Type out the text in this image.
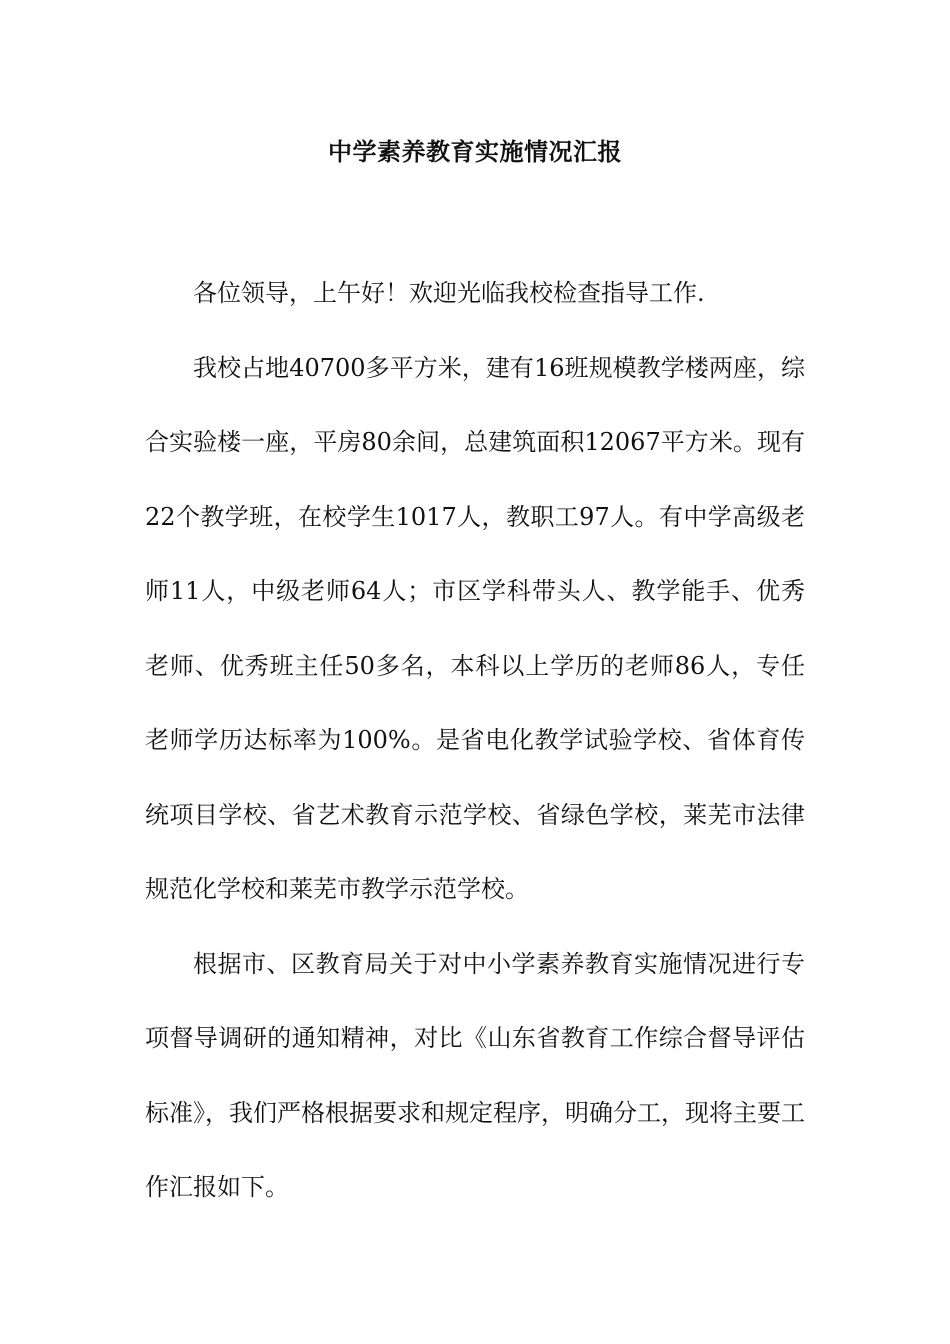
中学素养教育实施情况汇报

各位领导，上午好！欢迎光临我校检查指导工作.

我校占地40700多平方米，建有16班规模教学楼两座，综合实验楼一座，平房80余间，总建筑面积12067平方米。现有22个教学班，在校学生1017人，教职工97人。有中学高级老师11人，中级老师64人；市区学科带头人、教学能手、优秀老师、优秀班主任50多名，本科以上学历的老师86人，专任老师学历达标率为100%。是省电化教学试验学校、省体育传统项目学校、省艺术教育示范学校、省绿色学校，莱芜市法律规范化学校和莱芜市教学示范学校。

根据市、区教育局关于对中小学素养教育实施情况进行专项督导调研的通知精神，对比《山东省教育工作综合督导评估标准》，我们严格根据要求和规定程序，明确分工，现将主要工作汇报如下。
